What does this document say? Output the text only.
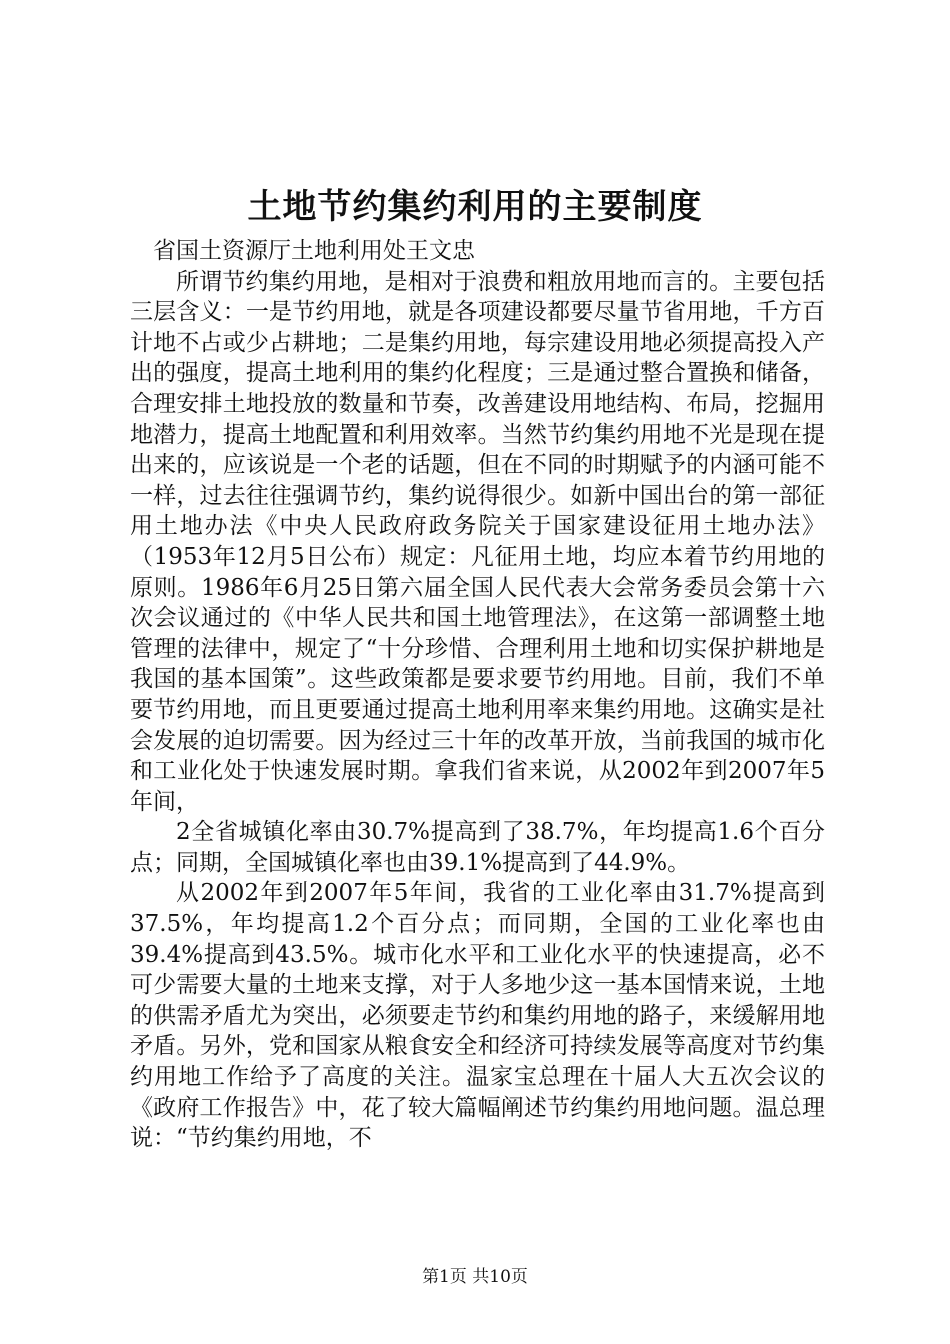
土地节约集约利用的主要制度

省国土资源厅土地利用处王文忠

所谓节约集约用地，是相对于浪费和粗放用地而言的。主要包括三层含义：一是节约用地，就是各项建设都要尽量节省用地，千方百计地不占或少占耕地；二是集约用地，每宗建设用地必须提高投入产出的强度，提高土地利用的集约化程度；三是通过整合置换和储备，合理安排土地投放的数量和节奏，改善建设用地结构、布局，挖掘用地潜力，提高土地配置和利用效率。当然节约集约用地不光是现在提出来的，应该说是一个老的话题，但在不同的时期赋予的内涵可能不一样，过去往往强调节约，集约说得很少。如新中国出台的第一部征用土地办法《中央人民政府政务院关于国家建设征用土地办法》（1953年12月5日公布）规定：凡征用土地，均应本着节约用地的原则。1986年6月25日第六届全国人民代表大会常务委员会第十六次会议通过的《中华人民共和国土地管理法》，在这第一部调整土地管理的法律中，规定了“十分珍惜、合理利用土地和切实保护耕地是我国的基本国策”。这些政策都是要求要节约用地。目前，我们不单要节约用地，而且更要通过提高土地利用率来集约用地。这确实是社会发展的迫切需要。因为经过三十年的改革开放，当前我国的城市化和工业化处于快速发展时期。拿我们省来说，从2002年到2007年5年间，

2全省城镇化率由30.7%提高到了38.7%，年均提高1.6个百分点；同期，全国城镇化率也由39.1%提高到了44.9%。

从2002年到2007年5年间，我省的工业化率由31.7%提高到37.5%，年均提高1.2个百分点；而同期，全国的工业化率也由39.4%提高到43.5%。城市化水平和工业化水平的快速提高，必不可少需要大量的土地来支撑，对于人多地少这一基本国情来说，土地的供需矛盾尤为突出，必须要走节约和集约用地的路子，来缓解用地矛盾。另外，党和国家从粮食安全和经济可持续发展等高度对节约集约用地工作给予了高度的关注。温家宝总理在十届人大五次会议的《政府工作报告》中，花了较大篇幅阐述节约集约用地问题。温总理说：“节约集约用地，不

第1页 共10页
